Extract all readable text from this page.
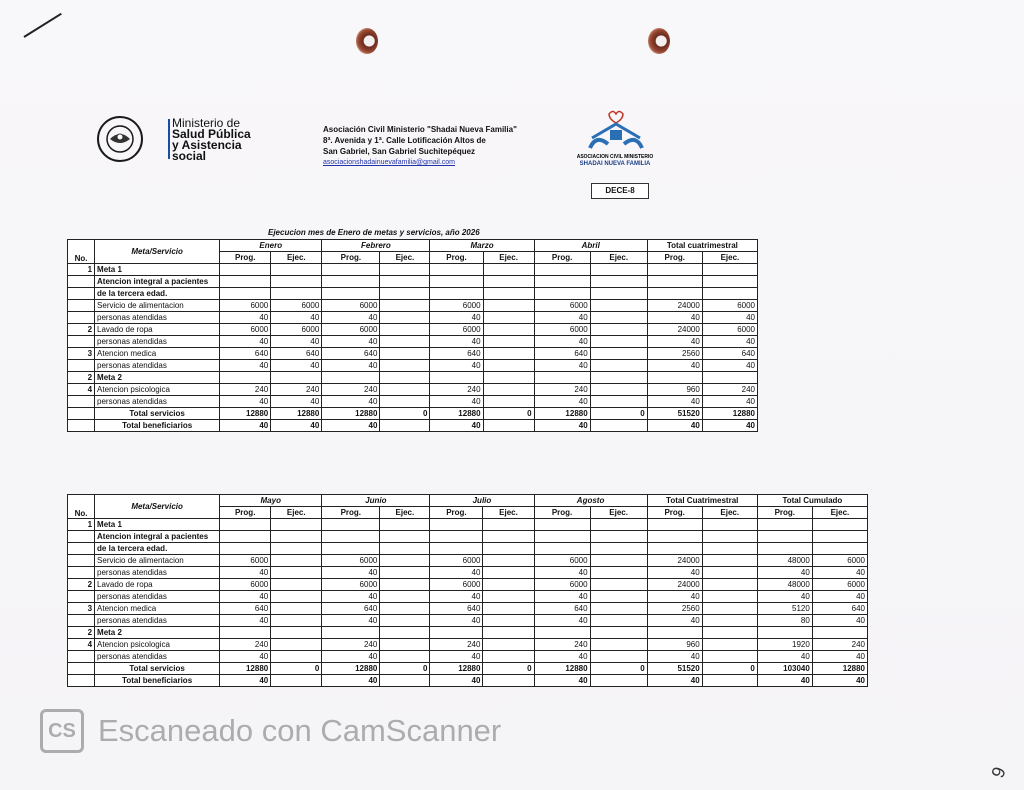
Ministerio de
Salud Pública
y Asistencia
social
Asociación Civil Ministerio "Shadai Nueva Familia"
8ª. Avenida y 1ª. Calle Lotificación Altos de
San Gabriel, San Gabriel Suchitepéquez
asociacionshadainuevafamilia@gmail.com
ASOCIACION CIVIL MINISTERIO
SHADAI NUEVA FAMILIA
DECE-8
Ejecucion mes de Enero de metas y servicios, año 2026
No.	Meta/Servicio	Enero		Febrero		Marzo		Abril		Total cuatrimestral	
		Prog.	Ejec.	Prog.	Ejec.	Prog.	Ejec.	Prog.	Ejec.	Prog.	Ejec.
1	Meta 1										
	Atencion integral a pacientes										
	de la tercera edad.										
	Servicio de alimentacion	6000	6000	6000		6000		6000		24000	6000
	personas atendidas	40	40	40		40		40		40	40
2	Lavado de ropa	6000	6000	6000		6000		6000		24000	6000
	personas atendidas	40	40	40		40		40		40	40
3	Atencion medica	640	640	640		640		640		2560	640
	personas atendidas	40	40	40		40		40		40	40
2	Meta 2										
4	Atencion psicologica	240	240	240		240		240		960	240
	personas atendidas	40	40	40		40		40		40	40
	Total servicios	12880	12880	12880	0	12880	0	12880	0	51520	12880
	Total beneficiarios	40	40	40		40		40		40	40
No.	Meta/Servicio	Mayo		Junio		Julio		Agosto		Total Cuatrimestral		Total Cumulado	
		Prog.	Ejec.	Prog.	Ejec.	Prog.	Ejec.	Prog.	Ejec.	Prog.	Ejec.	Prog.	Ejec.
1	Meta 1												
	Atencion integral a pacientes												
	de la tercera edad.												
	Servicio de alimentacion	6000		6000		6000		6000		24000		48000	6000
	personas atendidas	40		40		40		40		40		40	40
2	Lavado de ropa	6000		6000		6000		6000		24000		48000	6000
	personas atendidas	40		40		40		40		40		40	40
3	Atencion medica	640		640		640		640		2560		5120	640
	personas atendidas	40		40		40		40		40		80	40
2	Meta 2												
4	Atencion psicologica	240		240		240		240		960		1920	240
	personas atendidas	40		40		40		40		40		40	40
	Total servicios	12880	0	12880	0	12880	0	12880	0	51520	0	103040	12880
	Total beneficiarios	40		40		40		40		40		40	40
CS Escaneado con CamScanner
9
